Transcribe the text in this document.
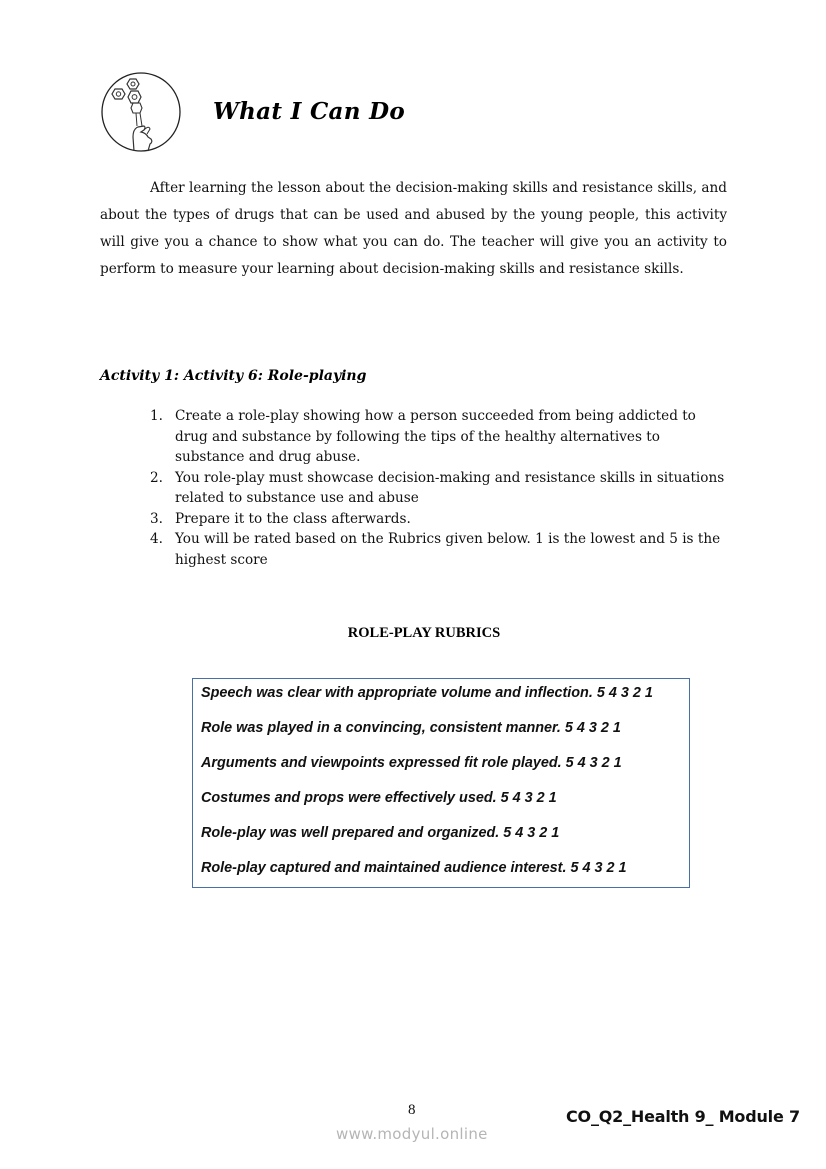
What I Can Do

After learning the lesson about the decision-making skills and resistance skills, and about the types of drugs that can be used and abused by the young people, this activity will give you a chance to show what you can do. The teacher will give you an activity to perform to measure your learning about decision-making skills and resistance skills.

Activity 1: Activity 6: Role-playing
1. Create a role-play showing how a person succeeded from being addicted to drug and substance by following the tips of the healthy alternatives to substance and drug abuse.
2. You role-play must showcase decision-making and resistance skills in situations related to substance use and abuse
3. Prepare it to the class afterwards.
4. You will be rated based on the Rubrics given below. 1 is the lowest and 5 is the highest score
ROLE-PLAY RUBRICS
Speech was clear with appropriate volume and inflection. 5 4 3 2 1
Role was played in a convincing, consistent manner. 5 4 3 2 1
Arguments and viewpoints expressed fit role played. 5 4 3 2 1
Costumes and props were effectively used. 5 4 3 2 1
Role-play was well prepared and organized. 5 4 3 2 1
Role-play captured and maintained audience interest. 5 4 3 2 1
8	CO_Q2_Health 9_ Module 7
www.modyul.online
